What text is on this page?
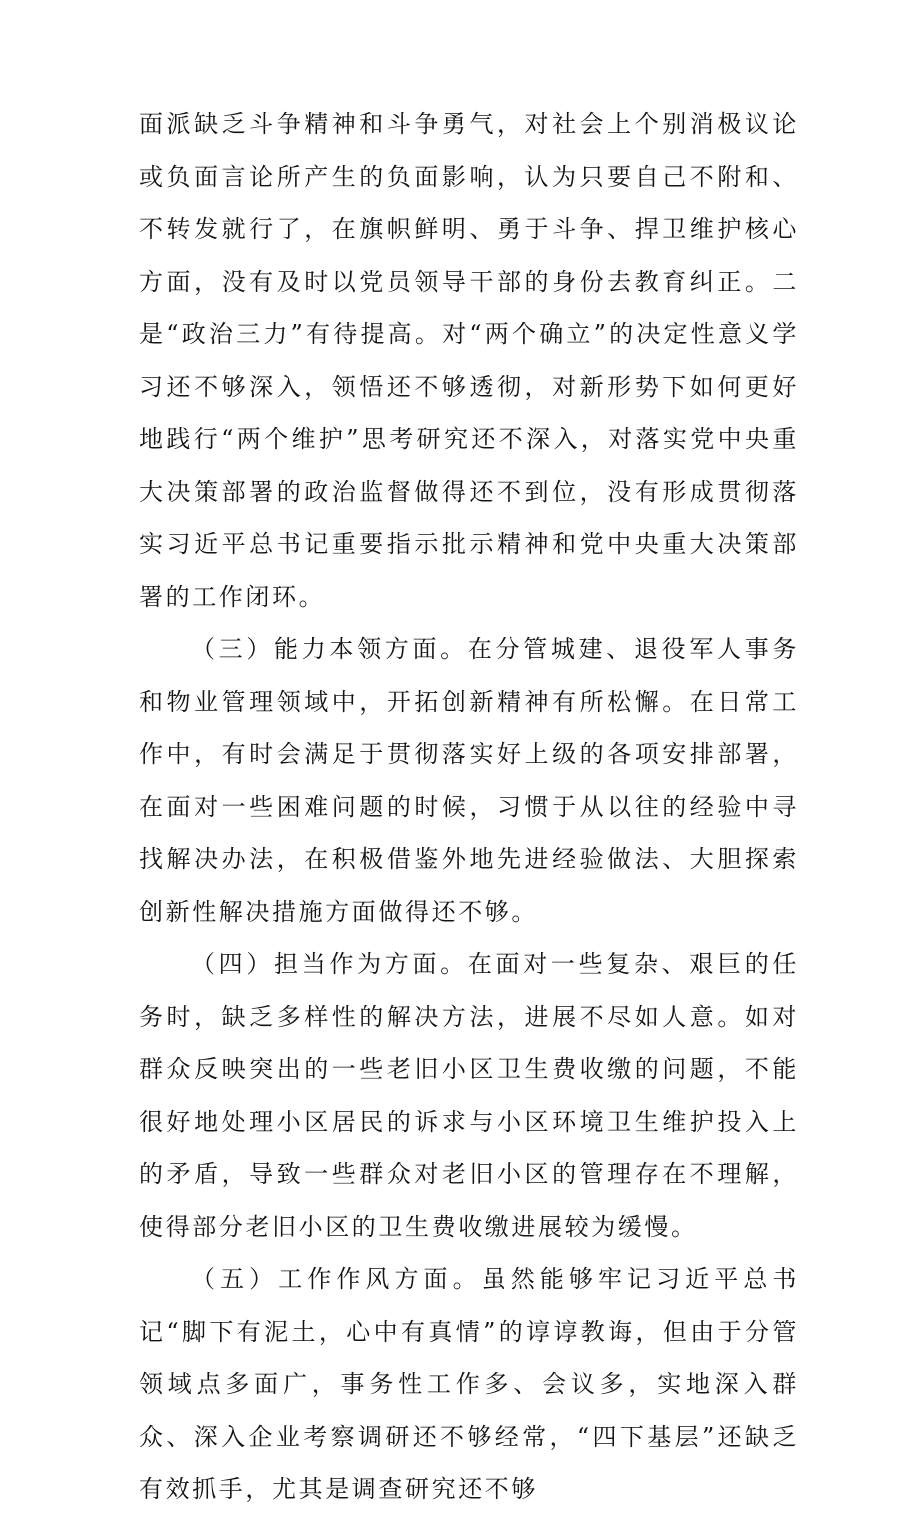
面派缺乏斗争精神和斗争勇气，对社会上个别消极议论或负面言论所产生的负面影响，认为只要自己不附和、不转发就行了，在旗帜鲜明、勇于斗争、捍卫维护核心方面，没有及时以党员领导干部的身份去教育纠正。二是“政治三力”有待提高。对“两个确立”的决定性意义学习还不够深入，领悟还不够透彻，对新形势下如何更好地践行“两个维护”思考研究还不深入，对落实党中央重大决策部署的政治监督做得还不到位，没有形成贯彻落实习近平总书记重要指示批示精神和党中央重大决策部署的工作闭环。

（三）能力本领方面。在分管城建、退役军人事务和物业管理领域中，开拓创新精神有所松懈。在日常工作中，有时会满足于贯彻落实好上级的各项安排部署，在面对一些困难问题的时候，习惯于从以往的经验中寻找解决办法，在积极借鉴外地先进经验做法、大胆探索创新性解决措施方面做得还不够。

（四）担当作为方面。在面对一些复杂、艰巨的任务时，缺乏多样性的解决方法，进展不尽如人意。如对群众反映突出的一些老旧小区卫生费收缴的问题，不能很好地处理小区居民的诉求与小区环境卫生维护投入上的矛盾，导致一些群众对老旧小区的管理存在不理解，使得部分老旧小区的卫生费收缴进展较为缓慢。

（五）工作作风方面。虽然能够牢记习近平总书记“脚下有泥土，心中有真情”的谆谆教诲，但由于分管领域点多面广，事务性工作多、会议多，实地深入群众、深入企业考察调研还不够经常，“四下基层”还缺乏有效抓手，尤其是调查研究还不够
